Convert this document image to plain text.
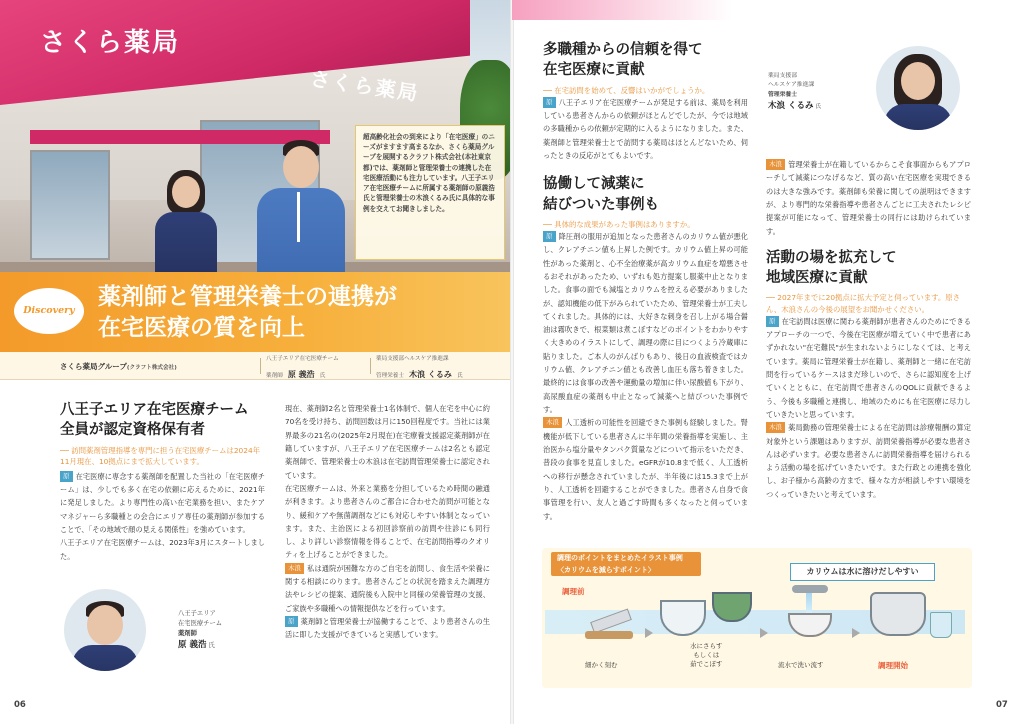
さくら薬局
さくら薬局
超高齢化社会の到来により「在宅医療」のニーズがますます高まるなか、さくら薬局グループを展開するクラフト株式会社(本社東京都)では、薬剤師と管理栄養士の連携した在宅医療活動にも注力しています。八王子エリア在宅医療チームに所属する薬剤師の原義浩氏と管理栄養士の木浪くるみ氏に具体的な事例を交えてお聞きしました。
Discovery
薬剤師と管理栄養士の連携が
在宅医療の質を向上
さくら薬局グループ(クラフト株式会社)
八王子エリア在宅医療チーム
薬剤師 原 義浩 氏
薬局支援部ヘルスケア推進課
管理栄養士 木浪 くるみ 氏
八王子エリア在宅医療チーム
全員が認定資格保有者
── 訪問薬剤管理指導を専門に担う在宅医療チームは2024年11月現在、10拠点にまで拡大しています。
原 在宅医療に専念する薬剤師を配置した当社の「在宅医療チーム」は、少しでも多く在宅の依頼に応えるために、2021年に発足しました。より専門性の高い在宅業務を担い、またケアマネジャーら多職種との会合にエリア専任の薬剤師が参加することで、「その地域で顔の見える関係性」を強めています。
八王子エリア在宅医療チームは、2023年3月にスタートしました。
八王子エリア
在宅医療チーム
薬剤師
原 義浩 氏
現在、薬剤師2名と管理栄養士1名体制で、個人在宅を中心に約70名を受け持ち、訪問回数は月に150回程度です。当社には業界最多の21名の(2025年2月現在)在宅療養支援認定薬剤師が在籍していますが、八王子エリア在宅医療チームは2名とも認定薬剤師で、管理栄養士の木浪は在宅訪問管理栄養士に認定されています。
在宅医療チームは、外来と業務を分担しているため時間の融通が利きます。より患者さんのご都合に合わせた訪問が可能となり、緩和ケアや無菌調剤などにも対応しやすい体制となっています。また、主治医による初回診察前の訪問や往診にも同行し、より詳しい診察情報を得ることで、在宅訪問指導のクオリティを上げることができました。
木浪 私は通院が困難な方のご自宅を訪問し、食生活や栄養に関する相談にのります。患者さんごとの状況を踏まえた調理方法やレシピの提案、通院後も入院中と同様の栄養管理の支援、ご家族や多職種への情報提供などを行っています。
原 薬剤師と管理栄養士が協働することで、より患者さんの生活に即した支援ができていると実感しています。
06
多職種からの信頼を得て
在宅医療に貢献
── 在宅訪問を始めて、反響はいかがでしょうか。
原 八王子エリア在宅医療チームが発足する前は、薬局を利用している患者さんからの依頼がほとんどでしたが、今では地域の多職種からの依頼が定期的に入るようになりました。また、薬剤師と管理栄養士とで訪問する薬局はほとんどないため、伺ったときの反応がとてもよいです。
協働して減薬に
結びついた事例も
── 具体的な成果があった事例はありますか。
原 降圧剤の服用が追加となった患者さんのカリウム値が悪化し、クレアチニン値も上昇した例です。カリウム値上昇の可能性があった薬剤と、心不全治療薬が高カリウム血症を増悪させるおそれがあったため、いずれも処方提案し服薬中止となりました。食事の面でも減塩とカリウムを控える必要がありましたが、認知機能の低下がみられていたため、管理栄養士が工夫してくれました。具体的には、大好きな刺身を召し上がる場合醤油は霧吹きで、根菜類は煮こぼすなどのポイントをわかりやすく大きめのイラストにして、調理の際に目につくよう冷蔵庫に貼りました。ご本人のがんばりもあり、後日の血液検査ではカリウム値、クレアチニン値とも改善し血圧も落ち着きました。最終的には食事の改善や運動量の増加に伴い尿酸値も下がり、高尿酸血症の薬剤も中止となって減薬へと結びついた事例です。
木浪 人工透析の可能性を回避できた事例も経験しました。腎機能が低下している患者さんに半年間の栄養指導を実施し、主治医から塩分量やタンパク質量などについて指示をいただき、普段の食事を見直しました。eGFRが10.8まで低く、人工透析への移行が懸念されていましたが、半年後には15.3まで上がり、人工透析を回避することができました。患者さん自身で食事管理を行い、友人と過ごす時間も多くなったと伺っています。
薬局支援部
ヘルスケア推進課
管理栄養士
木浪 くるみ 氏
木浪 管理栄養士が在籍しているからこそ食事面からもアプローチして減薬につなげるなど、質の高い在宅医療を実現できるのは大きな強みです。薬剤師も栄養に関しての説明はできますが、より専門的な栄養指導や患者さんごとに工夫されたレシピ提案が可能になって、管理栄養士の同行には助けられています。
活動の場を拡充して
地域医療に貢献
── 2027年までに20拠点に拡大予定と伺っています。原さん、木浪さんの今後の展望をお聞かせください。
原 在宅訪問は医療に関わる薬剤師が患者さんのためにできるアプローチの一つで、今後在宅医療が増えていく中で患者にあずかれない"在宅難民"が生まれないようにしなくては、と考えています。薬局に管理栄養士が在籍し、薬剤師と一緒に在宅訪問を行っているケースはまだ珍しいので、さらに認知度を上げていくとともに、在宅訪問で患者さんのQOLに貢献できるよう、今後も多職種と連携し、地域のためにも在宅医療に尽力していきたいと思っています。
木浪 薬局勤務の管理栄養士による在宅訪問は診療報酬の算定対象外という課題はありますが、訪問栄養指導が必要な患者さんは必ずいます。必要な患者さんに訪問栄養指導を届けられるよう活動の場を拡げていきたいです。また行政との連携を強化し、お子様から高齢の方まで、様々な方が相談しやすい環境をつくっていきたいと考えています。
調理のポイントをまとめたイラスト事例
〈カリウムを減らすポイント〉	カリウムは水に溶けだしやすい
調理前
細かく刻む
水にさらす
もしくは
茹でこぼす	流水で洗い流す	調理開始
07
